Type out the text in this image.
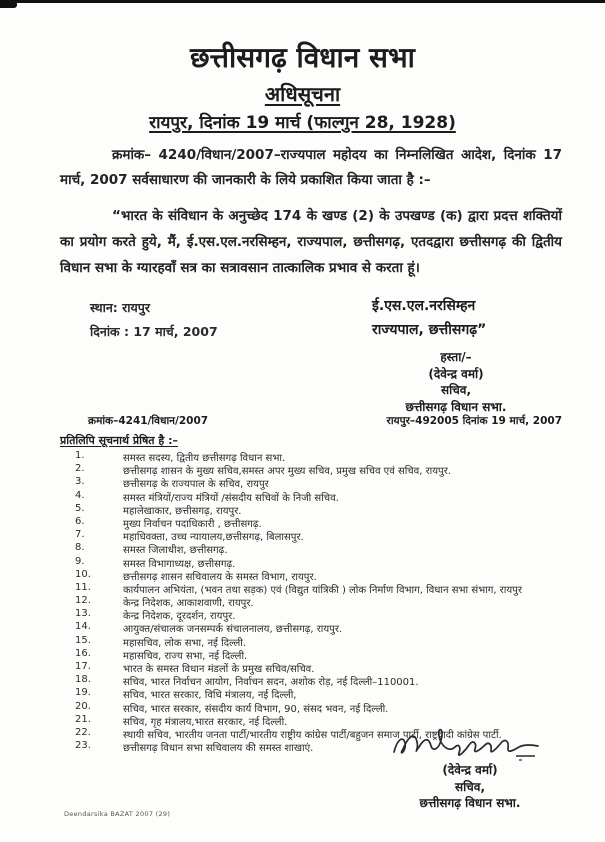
छत्तीसगढ़ विधान सभा
अधिसूचना
रायपुर, दिनांक 19 मार्च (फाल्गुन 28, 1928)
क्रमांक– 4240/विधान/2007–राज्यपाल महोदय का निम्नलिखित आदेश, दिनांक 17 मार्च, 2007 सर्वसाधारण की जानकारी के लिये प्रकाशित किया जाता है :–
“भारत के संविधान के अनुच्छेद 174 के खण्ड (2) के उपखण्ड (क) द्वारा प्रदत्त शक्तियों का प्रयोग करते हुये, मैं, ई.एस.एल.नरसिम्हन, राज्यपाल, छत्तीसगढ़, एतदद्वारा छत्तीसगढ़ की द्वितीय विधान सभा के ग्यारहवाँ सत्र का सत्रावसान तात्कालिक प्रभाव से करता हूं।
स्थान: रायपुर
दिनांक : 17 मार्च, 2007
ई.एस.एल.नरसिम्हन
राज्यपाल, छत्तीसगढ़”
हस्ता/–
(देवेन्द्र वर्मा)
सचिव,
छत्तीसगढ़ विधान सभा.
क्रमांक–4241/विधान/2007	रायपुर–492005 दिनांक 19 मार्च, 2007
प्रतिलिपि सूचनार्थ प्रेषित है :–
1.	समस्त सदस्य, द्वितीय छत्तीसगढ़ विधान सभा.
2.	छत्तीसगढ़ शासन के मुख्य सचिव,समस्त अपर मुख्य सचिव, प्रमुख सचिव एवं सचिव, रायपुर.
3.	छत्तीसगढ़ के राज्यपाल के सचिव, रायपुर
4.	समस्त मंत्रियों/राज्य मंत्रियों /संसदीय सचिवों के निजी सचिव.
5.	महालेखाकार, छत्तीसगढ़, रायपुर.
6.	मुख्य निर्वाचन पदाधिकारी , छत्तीसगढ़.
7.	महाधिवक्ता, उच्च न्यायालय,छत्तीसगढ़, बिलासपुर.
8.	समस्त जिलाधीश, छत्तीसगढ़.
9.	समस्त विभागाध्यक्ष, छत्तीसगढ़.
10.	छत्तीसगढ़ शासन सचिवालय के समस्त विभाग, रायपुर.
11.	कार्यपालन अभियंता, (भवन तथा सड़क) एवं (विद्युत यांत्रिकी ) लोक निर्माण विभाग, विधान सभा संभाग, रायपुर
12.	केन्द्र निदेशक, आकाशवाणी, रायपुर.
13.	केन्द्र निदेशक, दूरदर्शन, रायपुर.
14.	आयुक्त/संचालक जनसम्पर्क संचालनालय, छत्तीसगढ़, रायपुर.
15.	महासचिव, लोक सभा, नई दिल्ली.
16.	महासचिव, राज्य सभा, नई दिल्ली.
17.	भारत के समस्त विधान मंडलों के प्रमुख सचिव/सचिव.
18.	सचिव, भारत निर्वाचन आयोग, निर्वाचन सदन, अशोक रोड़, नई दिल्ली–110001.
19.	सचिव, भारत सरकार, विधि मंत्रालय, नई दिल्ली,
20.	सचिव, भारत सरकार, संसदीय कार्य विभाग, 90, संसद भवन, नई दिल्ली.
21.	सचिव, गृह मंत्रालय,भारत सरकार, नई दिल्ली.
22.	स्थायी सचिव, भारतीय जनता पार्टी/भारतीय राष्ट्रीय कांग्रेस पार्टी/बहुजन समाज पार्टी, राष्ट्रवादी कांग्रेस पार्टी.
23.	छत्तीसगढ़ विधान सभा सचिवालय की समस्त शाखाएं.
(देवेन्द्र वर्मा)
सचिव,
छत्तीसगढ़ विधान सभा.
Deendarsika BAZAT 2007 (29)
